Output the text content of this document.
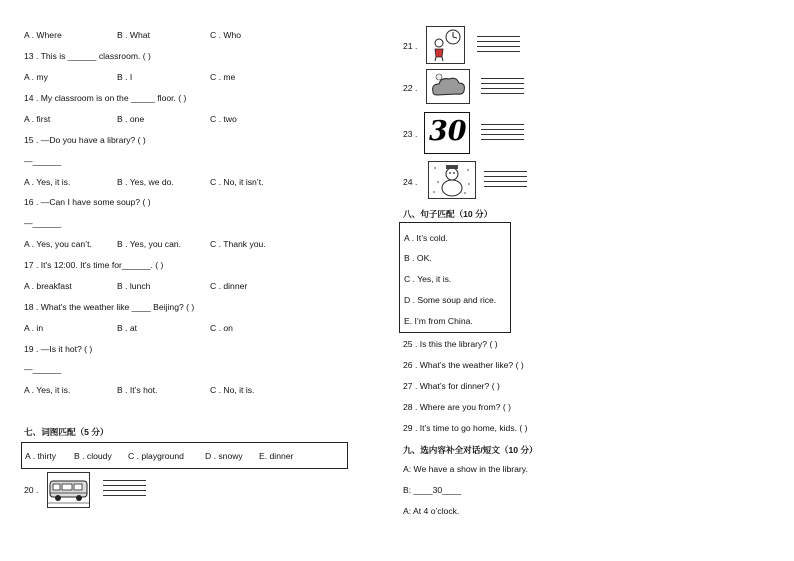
A . Where	B . What	C . Who
13 . This is ______ classroom. ( )
A . my	B . I	C . me
14 . My classroom is on the _____ floor. ( )
A . first	B . one	C . two
15 . —Do you have a library? ( )
—______
A . Yes, it is.	B . Yes, we do.	C . No, it isn’t.
16 . —Can I have some soup? ( )
—______
A . Yes, you can’t.	B . Yes, you can.	C . Thank you.
17 . It's 12:00. It's time for______. ( )
A . breakfast	B . lunch	C . dinner
18 . What's the weather like ____ Beijing? ( )
A . in	B . at	C . on
19 . —Is it hot? ( )
—______
A . Yes, it is.	B . It’s hot.	C . No, it is.
七、词图匹配（5 分）
A . thirty B . cloudy C . playground D . snowy E. dinner
20 .
21 .
22 .
23 . 30
24 .
八、句子匹配（10 分）
A . It’s cold.
B . OK.
C . Yes, it is.
D . Some soup and rice.
E. I’m from China.
25 . Is this the library? ( )
26 . What’s the weather like? ( )
27 . What’s for dinner? ( )
28 . Where are you from? ( )
29 . It’s time to go home, kids. ( )
九、选内容补全对话/短文（10 分）
A: We have a show in the library.
B: ____30____
A: At 4 o’clock.
